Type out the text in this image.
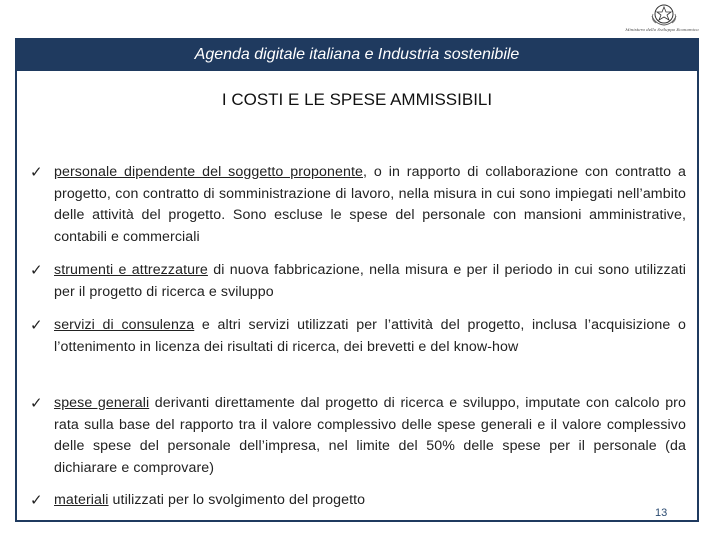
Ministero dello Sviluppo Economico
Agenda digitale italiana e Industria sostenibile
I COSTI E LE SPESE AMMISSIBILI
✓ personale dipendente del soggetto proponente, o in rapporto di collaborazione con contratto a progetto, con contratto di somministrazione di lavoro, nella misura in cui sono impiegati nell’ambito delle attività del progetto. Sono escluse le spese del personale con mansioni amministrative, contabili e commerciali
✓ strumenti e attrezzature di nuova fabbricazione, nella misura e per il periodo in cui sono utilizzati per il progetto di ricerca e sviluppo
✓ servizi di consulenza e altri servizi utilizzati per l’attività del progetto, inclusa l’acquisizione o l’ottenimento in licenza dei risultati di ricerca, dei brevetti e del know-how
✓ spese generali derivanti direttamente dal progetto di ricerca e sviluppo, imputate con calcolo pro rata sulla base del rapporto tra il valore complessivo delle spese generali e il valore complessivo delle spese del personale dell’impresa, nel limite del 50% delle spese per il personale (da dichiarare e comprovare)
✓ materiali utilizzati per lo svolgimento del progetto
13
